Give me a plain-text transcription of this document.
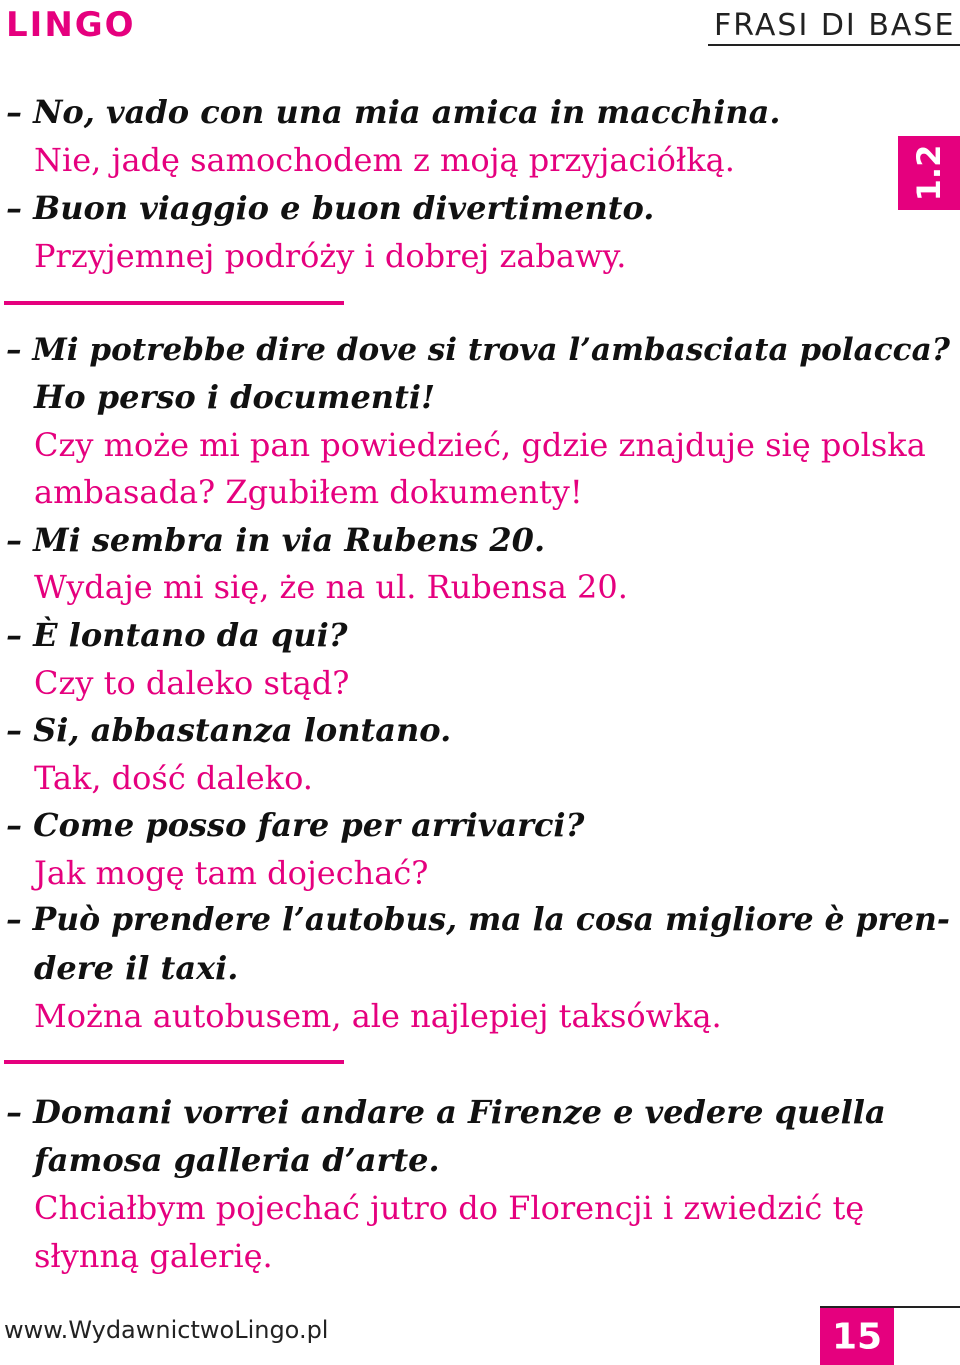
LINGO	FRASI DI BASE
1.2
– No, vado con una mia amica in macchina.
Nie, jadę samochodem z moją przyjaciółką.
– Buon viaggio e buon divertimento.
Przyjemnej podróży i dobrej zabawy.
– Mi potrebbe dire dove si trova l’ambasciata polacca?
Ho perso i documenti!
Czy może mi pan powiedzieć, gdzie znajduje się polska
ambasada? Zgubiłem dokumenty!
– Mi sembra in via Rubens 20.
Wydaje mi się, że na ul. Rubensa 20.
– È lontano da qui?
Czy to daleko stąd?
– Si, abbastanza lontano.
Tak, dość daleko.
– Come posso fare per arrivarci?
Jak mogę tam dojechać?
– Può prendere l’autobus, ma la cosa migliore è pren-
dere il taxi.
Można autobusem, ale najlepiej taksówką.
– Domani vorrei andare a Firenze e vedere quella
famosa galleria d’arte.
Chciałbym pojechać jutro do Florencji i zwiedzić tę
słynną galerię.
www.WydawnictwoLingo.pl	15
